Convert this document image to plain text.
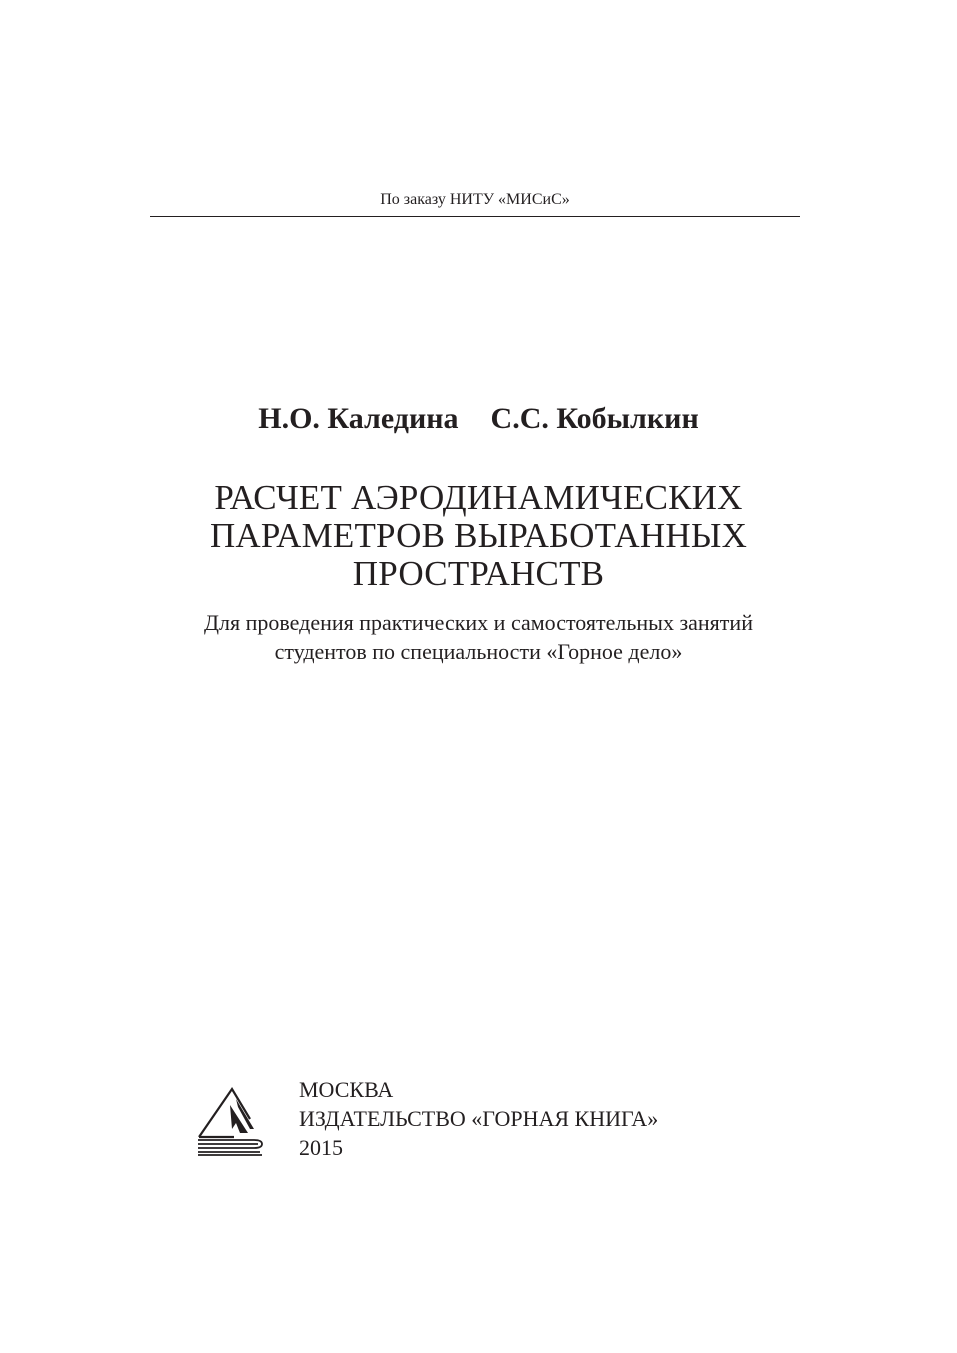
По заказу НИТУ «МИСиС»
Н.О. Каледина С.С. Кобылкин
РАСЧЕТ АЭРОДИНАМИЧЕСКИХ
ПАРАМЕТРОВ ВЫРАБОТАННЫХ
ПРОСТРАНСТВ
Для проведения практических и самостоятельных занятий
студентов по специальности «Горное дело»
МОСКВА
ИЗДАТЕЛЬСТВО «ГОРНАЯ КНИГА»
2015
